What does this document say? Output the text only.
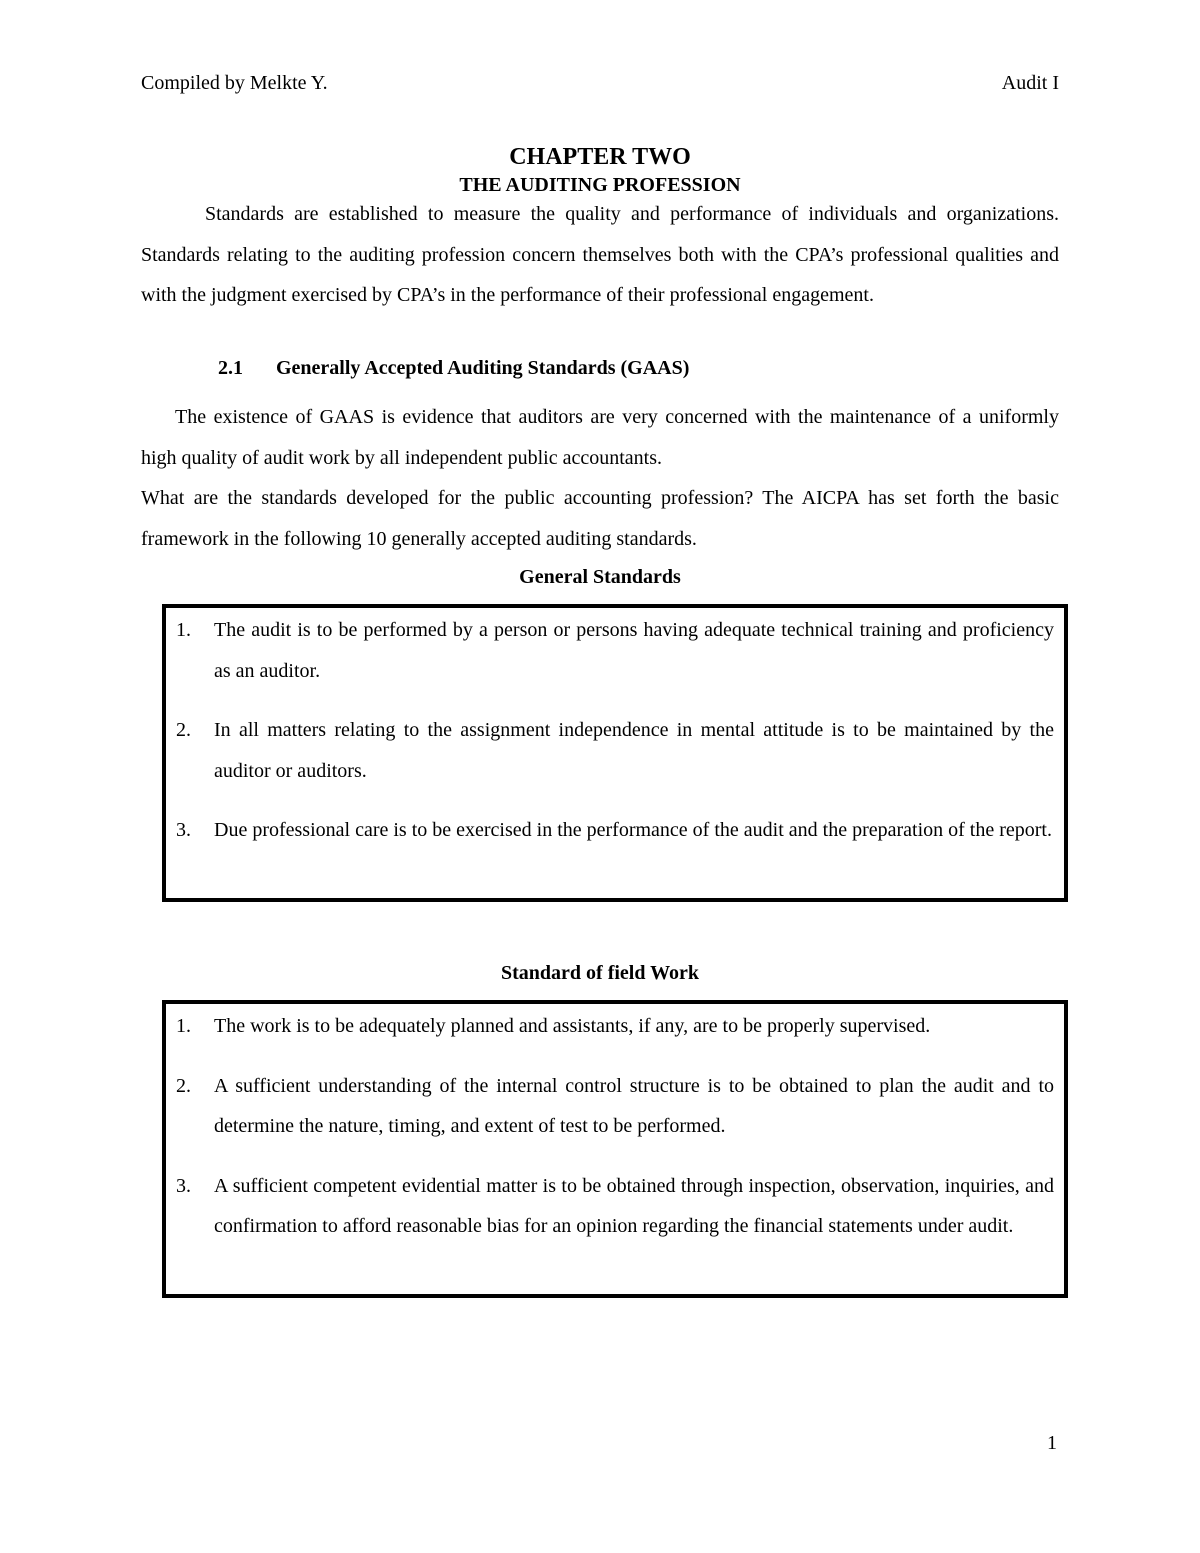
Compiled by Melkte Y.	Audit I
CHAPTER TWO
THE AUDITING PROFESSION

Standards are established to measure the quality and performance of individuals and organizations. Standards relating to the auditing profession concern themselves both with the CPA’s professional qualities and with the judgment exercised by CPA’s in the performance of their professional engagement.

2.1 Generally Accepted Auditing Standards (GAAS)

The existence of GAAS is evidence that auditors are very concerned with the maintenance of a uniformly high quality of audit work by all independent public accountants.

What are the standards developed for the public accounting profession? The AICPA has set forth the basic framework in the following 10 generally accepted auditing standards.

General Standards
1. The audit is to be performed by a person or persons having adequate technical training and proficiency as an auditor.
2. In all matters relating to the assignment independence in mental attitude is to be maintained by the auditor or auditors.
3. Due professional care is to be exercised in the performance of the audit and the preparation of the report.
Standard of field Work
1. The work is to be adequately planned and assistants, if any, are to be properly supervised.
2. A sufficient understanding of the internal control structure is to be obtained to plan the audit and to determine the nature, timing, and extent of test to be performed.
3. A sufficient competent evidential matter is to be obtained through inspection, observation, inquiries, and confirmation to afford reasonable bias for an opinion regarding the financial statements under audit.
1
